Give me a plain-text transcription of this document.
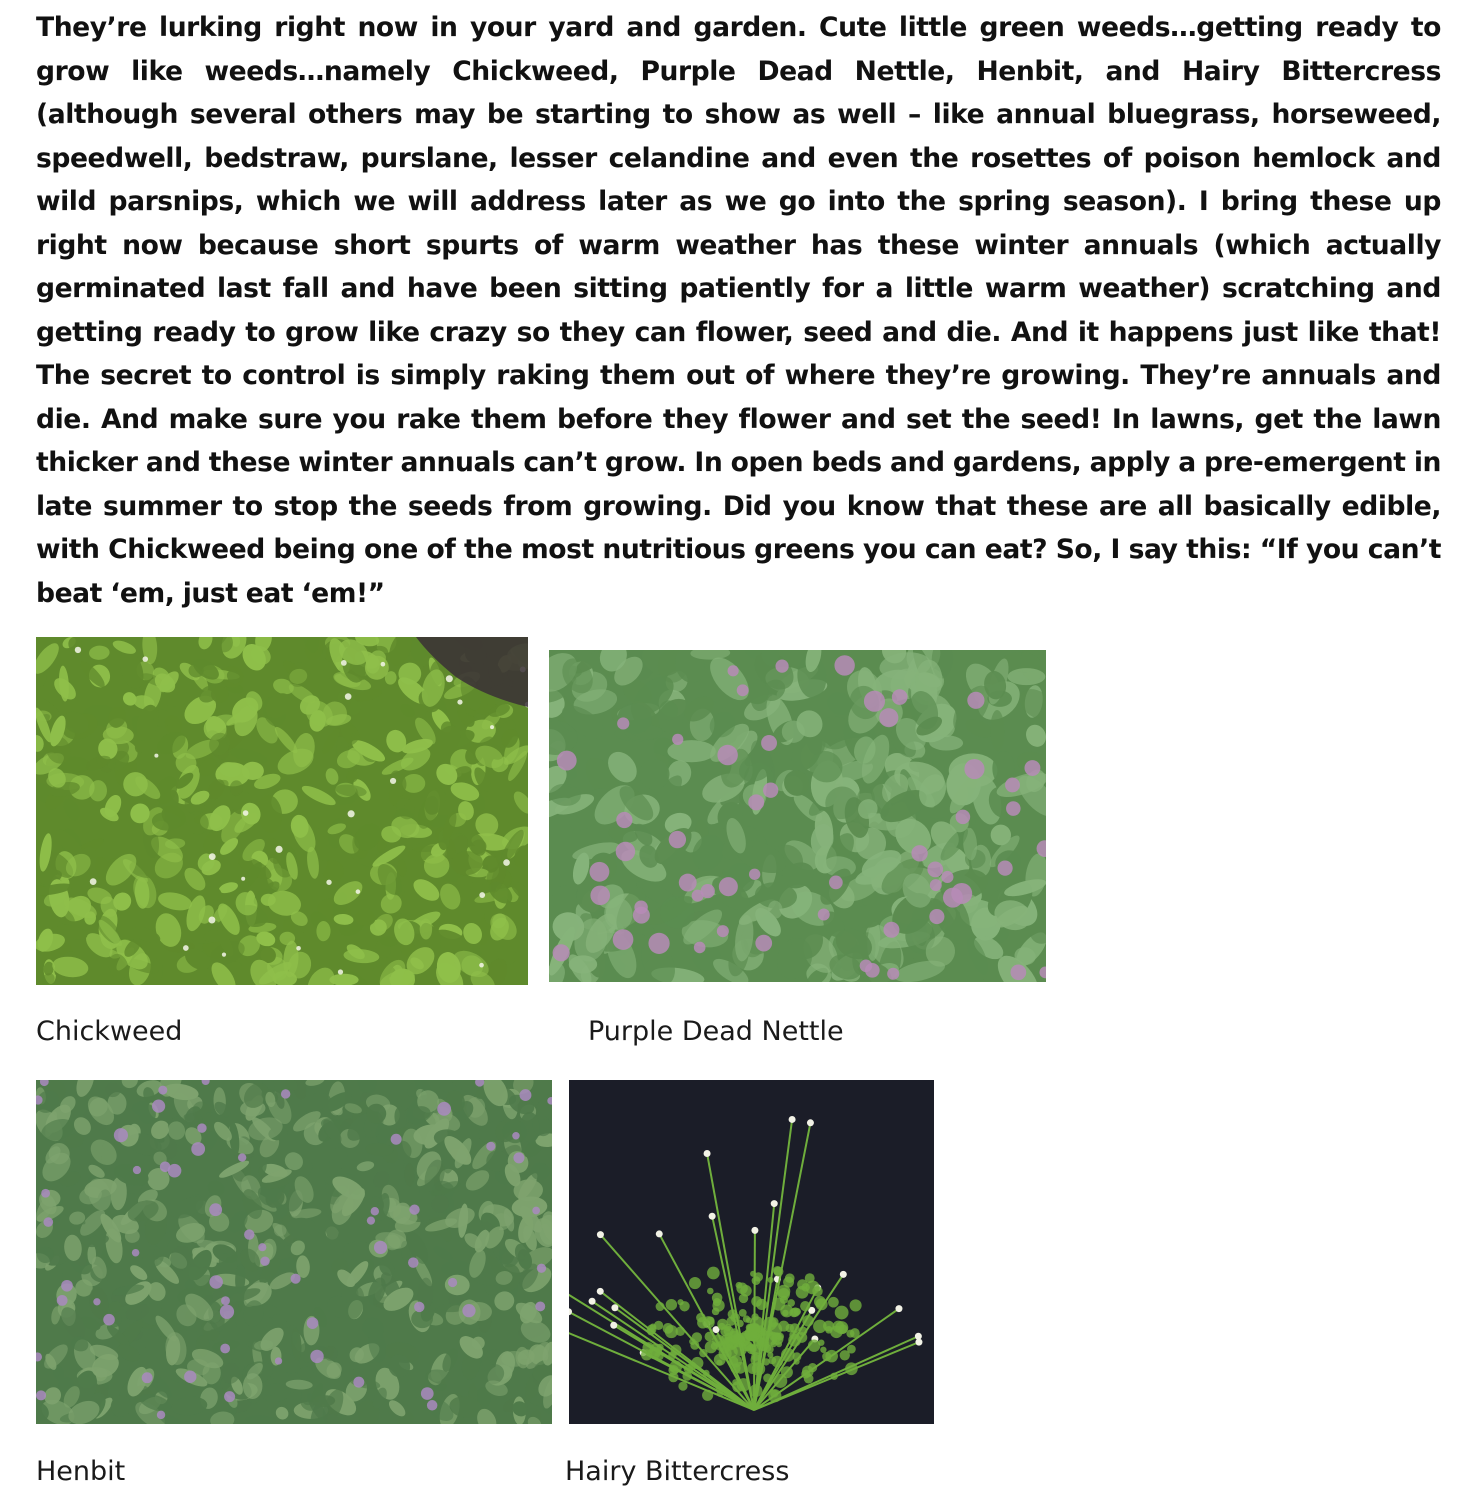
They’re lurking right now in your yard and garden. Cute little green weeds…getting ready to grow like weeds…namely Chickweed, Purple Dead Nettle, Henbit, and Hairy Bittercress (although several others may be starting to show as well – like annual bluegrass, horseweed, speedwell, bedstraw, purslane, lesser celandine and even the rosettes of poison hemlock and wild parsnips, which we will address later as we go into the spring season). I bring these up right now because short spurts of warm weather has these winter annuals (which actually germinated last fall and have been sitting patiently for a little warm weather) scratching and getting ready to grow like crazy so they can flower, seed and die. And it happens just like that! The secret to control is simply raking them out of where they’re growing. They’re annuals and die. And make sure you rake them before they flower and set the seed! In lawns, get the lawn thicker and these winter annuals can’t grow. In open beds and gardens, apply a pre-emergent in late summer to stop the seeds from growing. Did you know that these are all basically edible, with Chickweed being one of the most nutritious greens you can eat? So, I say this: “If you can’t beat ‘em, just eat ‘em!”

Chickweed	Purple Dead Nettle
Henbit	Hairy Bittercress
